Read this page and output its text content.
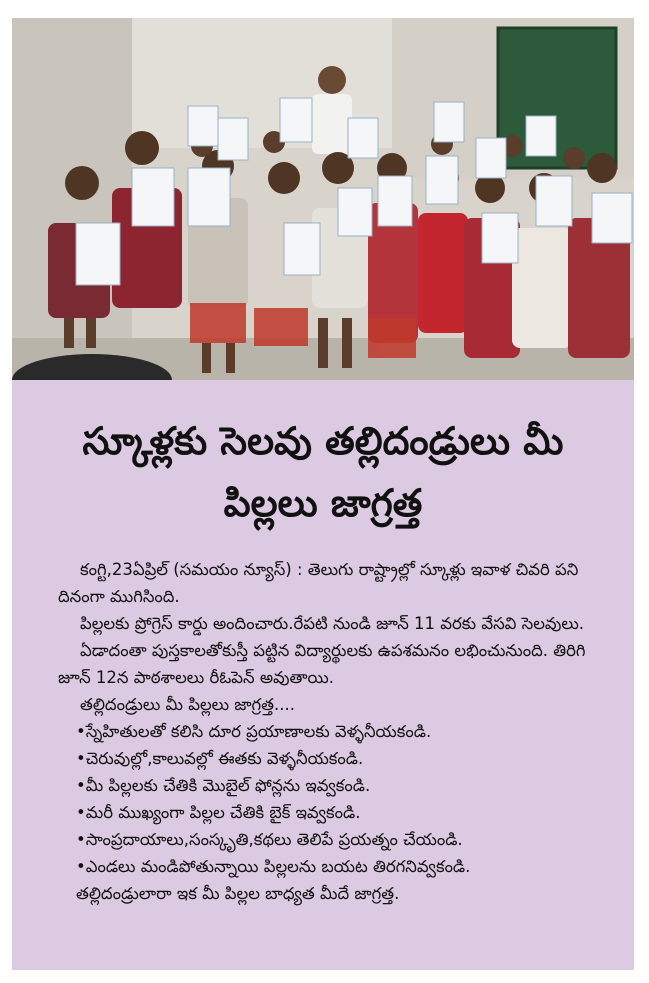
స్కూళ్లకు సెలవు తల్లిదండ్రులు మీ
పిల్లలు జాగ్రత్త

కంగ్టి,23ఏప్రిల్ (సమయం న్యూస్) : తెలుగు రాష్ట్రాల్లో స్కూళ్లు ఇవాళ చివరి పని దినంగా ముగిసింది.

పిల్లలకు ప్రోగ్రెస్ కార్డు అందించారు.రేపటి నుండి జూన్ 11 వరకు వేసవి సెలవులు.

ఏడాదంతా పుస్తకాలతోకుస్తీ పట్టిన విద్యార్థులకు ఉపశమనం లభించునుంది. తిరిగి జూన్ 12న పాఠశాలలు రీఓపెన్ అవుతాయి.

తల్లిదండ్రులు మీ పిల్లలు జాగ్రత్త....

•స్నేహితులతో కలిసి దూర ప్రయాణాలకు వెళ్ళనీయకండి.
•చెరువుల్లో,కాలువల్లో ఈతకు వెళ్ళనీయకండి.
•మీ పిల్లలకు చేతికి మొబైల్ ఫోన్లను ఇవ్వకండి.
•మరీ ముఖ్యంగా పిల్లల చేతికి బైక్ ఇవ్వకండి.
•సాంప్రదాయాలు,సంస్కృతి,కథలు తెలిపే ప్రయత్నం చేయండి.
•ఎండలు మండిపోతున్నాయి పిల్లలను బయట తిరగనివ్వకండి.

తల్లిదండ్రులారా ఇక మీ పిల్లల బాధ్యత మీదే జాగ్రత్త.
